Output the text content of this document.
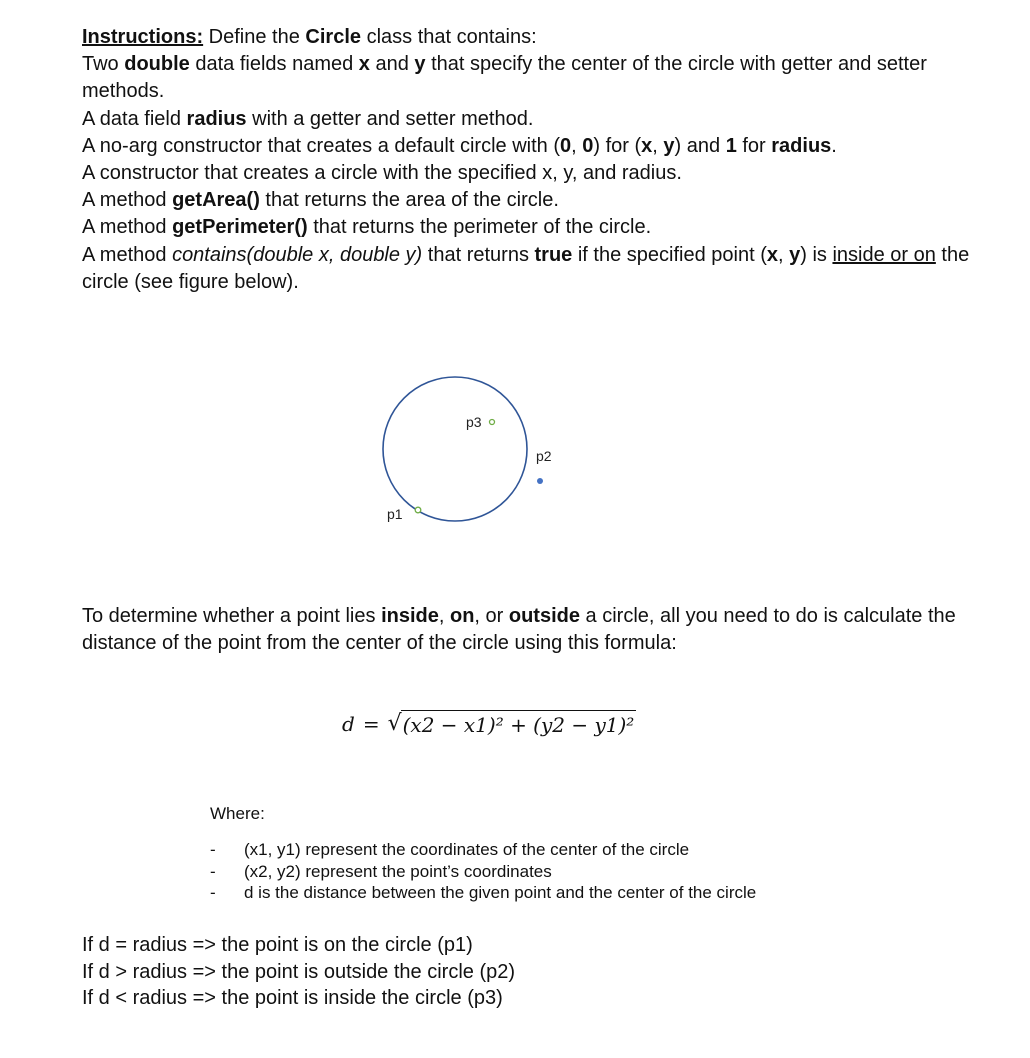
Instructions: Define the Circle class that contains:

Two double data fields named x and y that specify the center of the circle with getter and setter methods.

A data field radius with a getter and setter method.

A no-arg constructor that creates a default circle with (0, 0) for (x, y) and 1 for radius.

A constructor that creates a circle with the specified x, y, and radius.

A method getArea() that returns the area of the circle.

A method getPerimeter() that returns the perimeter of the circle.

A method contains(double x, double y) that returns true if the specified point (x, y) is inside or on the circle (see figure below).

p3
p2
p1

To determine whether a point lies inside, on, or outside a circle, all you need to do is calculate the distance of the point from the center of the circle using this formula:

d = √ (x2 − x1)² + (y2 − y1)²

Where:

- (x1, y1) represent the coordinates of the center of the circle
- (x2, y2) represent the point’s coordinates
- d is the distance between the given point and the center of the circle

If d = radius => the point is on the circle (p1)

If d > radius => the point is outside the circle (p2)

If d < radius => the point is inside the circle (p3)
